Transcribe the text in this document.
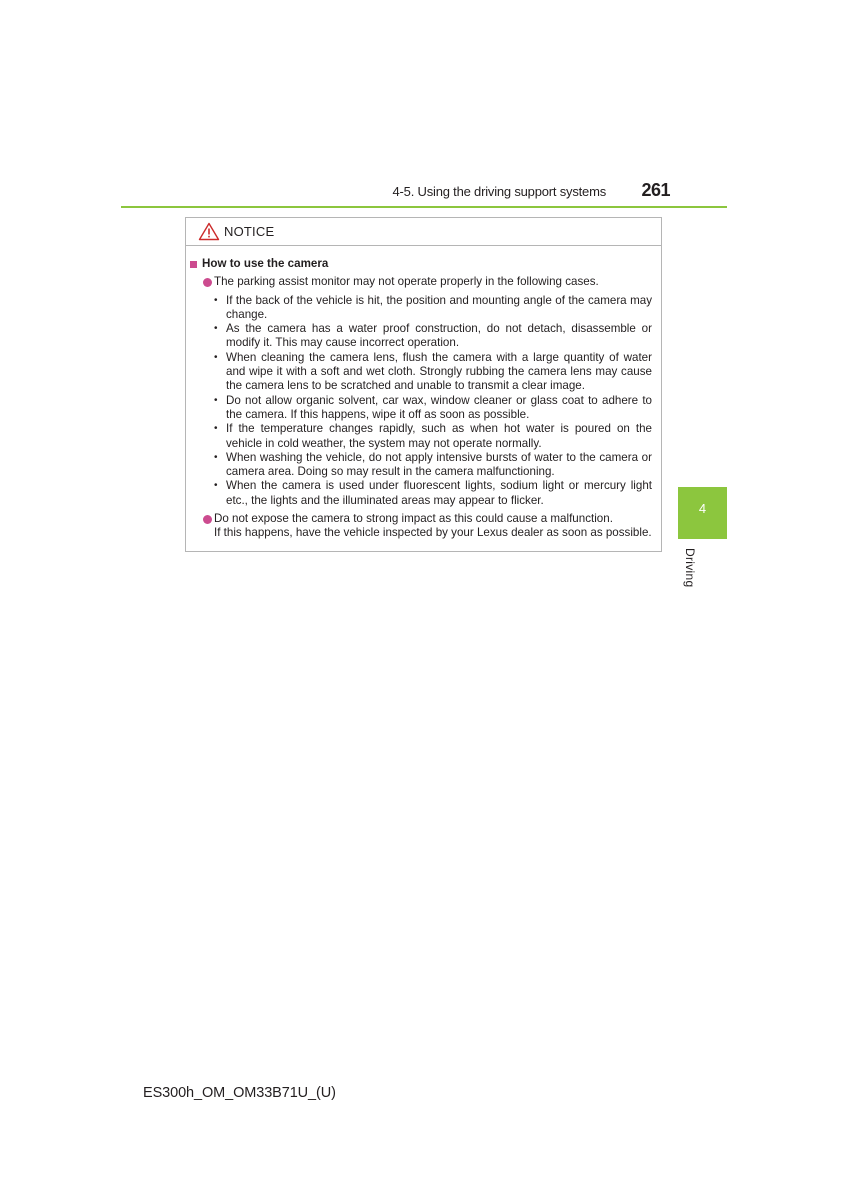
4-5. Using the driving support systems 261
4
Driving
NOTICE
How to use the camera
The parking assist monitor may not operate properly in the following cases.
• If the back of the vehicle is hit, the position and mounting angle of the camera may change.
• As the camera has a water proof construction, do not detach, disassemble or modify it. This may cause incorrect operation.
• When cleaning the camera lens, flush the camera with a large quantity of water and wipe it with a soft and wet cloth. Strongly rubbing the camera lens may cause the camera lens to be scratched and unable to transmit a clear image.
• Do not allow organic solvent, car wax, window cleaner or glass coat to adhere to the camera. If this happens, wipe it off as soon as possible.
• If the temperature changes rapidly, such as when hot water is poured on the vehicle in cold weather, the system may not operate normally.
• When washing the vehicle, do not apply intensive bursts of water to the camera or camera area. Doing so may result in the camera malfunctioning.
• When the camera is used under fluorescent lights, sodium light or mercury light etc., the lights and the illuminated areas may appear to flicker.
Do not expose the camera to strong impact as this could cause a malfunction.
If this happens, have the vehicle inspected by your Lexus dealer as soon as possible.
ES300h_OM_OM33B71U_(U)
